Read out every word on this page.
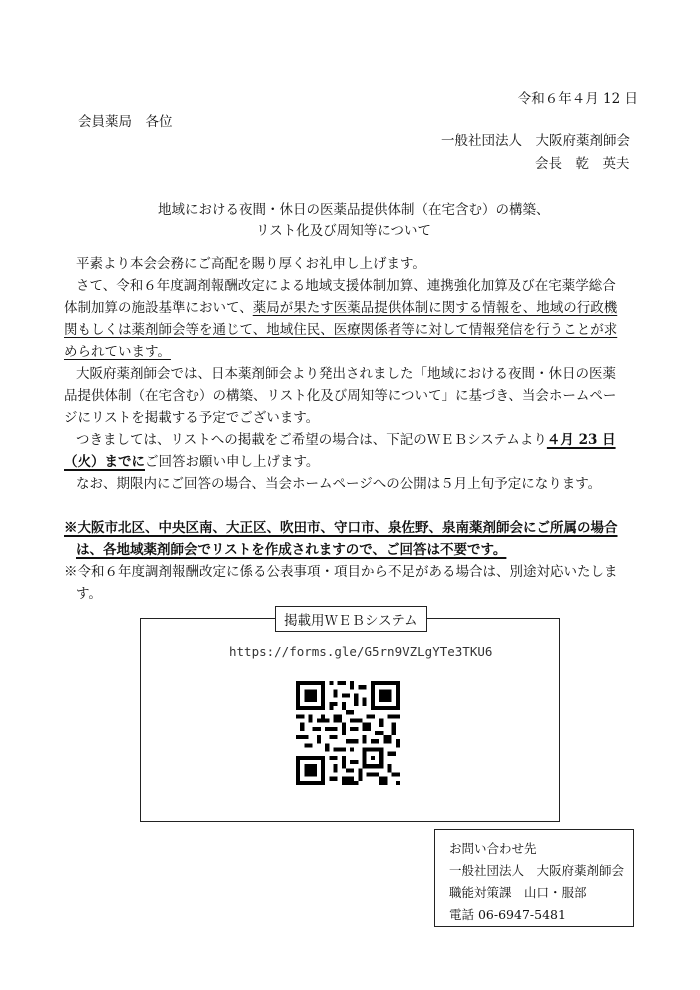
令和６年４月 12 日
会員薬局　各位
一般社団法人　大阪府薬剤師会
会長　乾　英夫
地域における夜間・休日の医薬品提供体制（在宅含む）の構築、
リスト化及び周知等について
平素より本会会務にご高配を賜り厚くお礼申し上げます。
さて、令和６年度調剤報酬改定による地域支援体制加算、連携強化加算及び在宅薬学総合
体制加算の施設基準において、薬局が果たす医薬品提供体制に関する情報を、地域の行政機
関もしくは薬剤師会等を通じて、地域住民、医療関係者等に対して情報発信を行うことが求
められています。
大阪府薬剤師会では、日本薬剤師会より発出されました「地域における夜間・休日の医薬
品提供体制（在宅含む）の構築、リスト化及び周知等について」に基づき、当会ホームペー
ジにリストを掲載する予定でございます。
つきましては、リストへの掲載をご希望の場合は、下記のＷＥＢシステムより４月 23 日
（火）までにご回答お願い申し上げます。
なお、期限内にご回答の場合、当会ホームページへの公開は５月上旬予定になります。
※大阪市北区、中央区南、大正区、吹田市、守口市、泉佐野、泉南薬剤師会にご所属の場合
は、各地域薬剤師会でリストを作成されますので、ご回答は不要です。
※令和６年度調剤報酬改定に係る公表事項・項目から不足がある場合は、別途対応いたしま
す。
掲載用ＷＥＢシステム
https://forms.gle/G5rn9VZLgYTe3TKU6
お問い合わせ先
一般社団法人　大阪府薬剤師会
職能対策課　山口・服部
電話 06-6947-5481
